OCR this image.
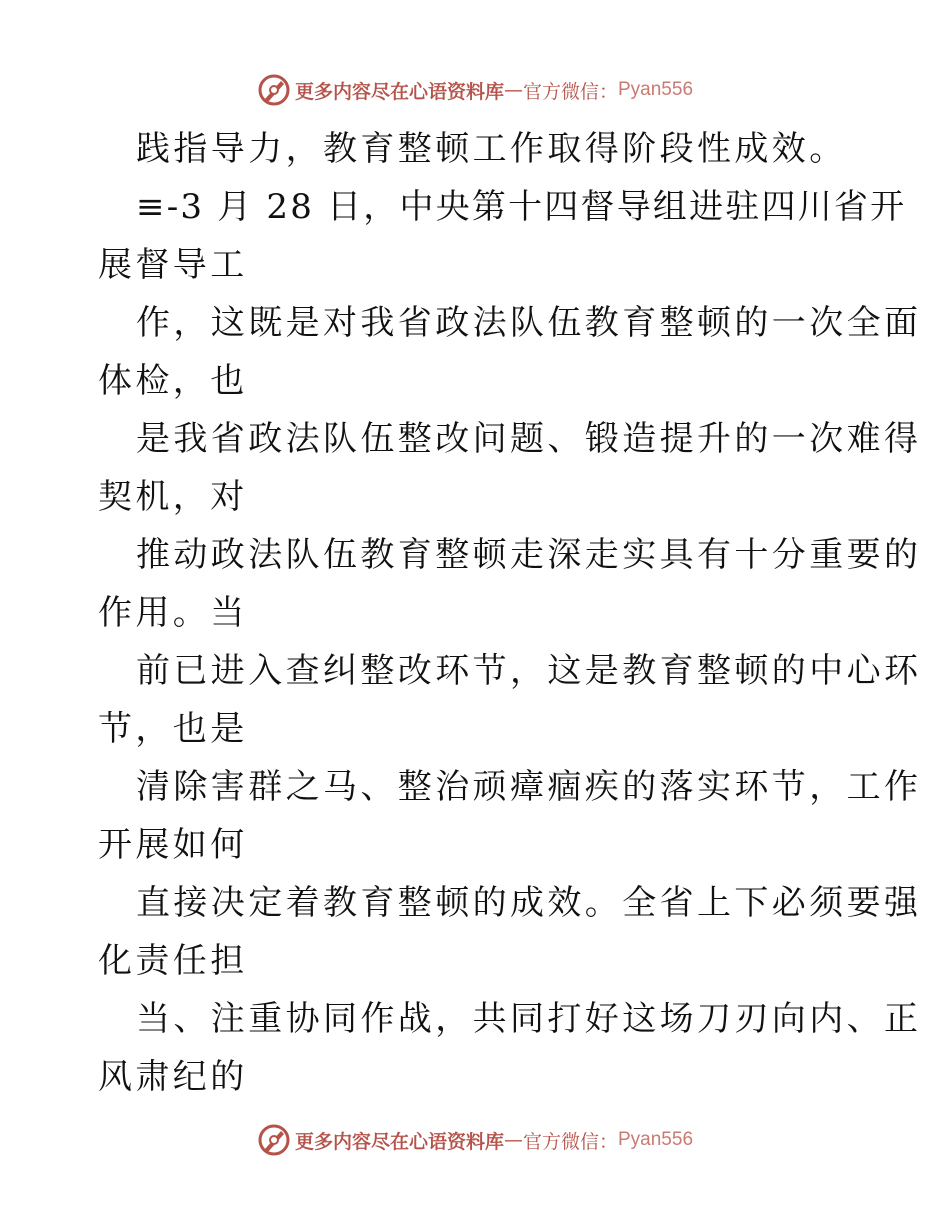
更多内容尽在心语资料库 — 官方微信： Pyan556
践指导力，教育整顿工作取得阶段性成效。
≡-3 月 28 日，中央第十四督导组进驻四川省开
展督导工
作，这既是对我省政法队伍教育整顿的一次全面
体检，也
是我省政法队伍整改问题、锻造提升的一次难得
契机，对
推动政法队伍教育整顿走深走实具有十分重要的
作用。当
前已进入查纠整改环节，这是教育整顿的中心环
节，也是
清除害群之马、整治顽瘴痼疾的落实环节，工作
开展如何
直接决定着教育整顿的成效。全省上下必须要强
化责任担
当、注重协同作战，共同打好这场刀刃向内、正
风肃纪的
更多内容尽在心语资料库 — 官方微信： Pyan556
